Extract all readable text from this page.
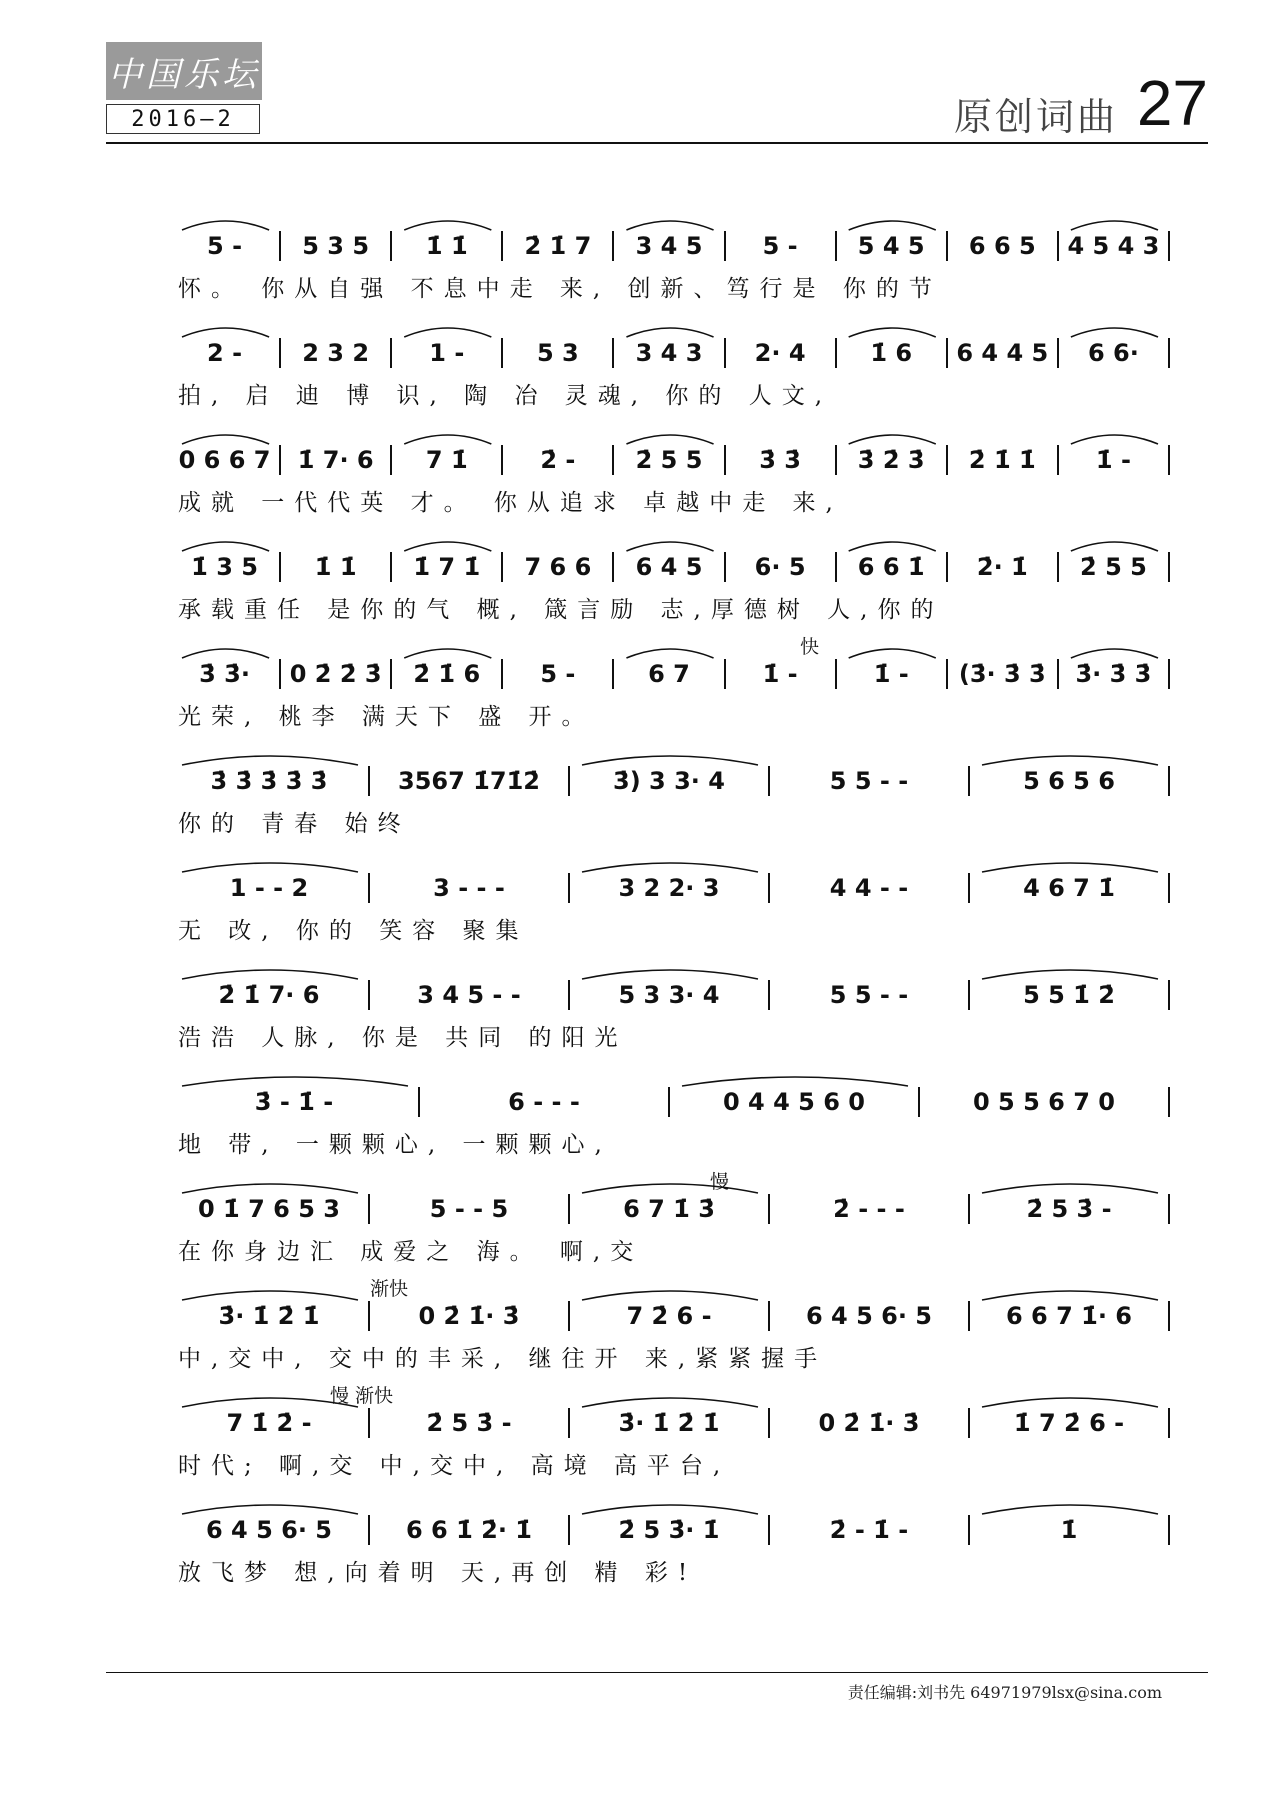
中国乐坛
2016—2	原创词曲 27
5 -	5 3 5	1̇ 1̇	2̇ 1̇ 7	3 4 5	5 -	5 4 5	6 6 5	4 5 4 3
怀。 你从自强 不息中走 来, 创新、笃行是 你的节
2 -	2 3 2	1 -	5 3	3 4 3	2· 4	1̇ 6	6 4 4 5	6 6·
拍, 启 迪 博 识, 陶 冶 灵魂, 你的 人文,
0 6 6 7	1̇ 7· 6	7 1̇	2̇ -	2̇ 5 5	3̇ 3̇	3̇ 2̇ 3̇	2̇ 1̇ 1̇	1̇ -
成就 一代代英 才。 你从追求 卓越中走 来,
1̇ 3 5	1̇ 1̇	1̇ 7 1̇	7 6 6	6 4 5	6· 5	6 6 1̇	2̇· 1̇	2̇ 5 5
承载重任 是你的气 概, 箴言励 志,厚德树 人,你的
快
3̇ 3̇·	0 2̇ 2̇ 3̇	2̇ 1̇ 6	5 -	6 7	1̇ -	1̇ -	(3̇· 3̇ 3̇	3̇· 3̇ 3̇
光荣, 桃李 满天下 盛 开。
3̇ 3̇ 3̇ 3̇ 3̇	3567 1̇71̇2̇	3̇) 3 3· 4	5 5 - -	5 6 5 6
你的 青春 始终
1 - - 2	3 - - -	3 2 2· 3	4 4 - -	4 6 7 1̇
无 改, 你的 笑容 聚集
2̇ 1̇ 7· 6	3 4 5 - -	5 3 3· 4	5 5 - -	5 5 1̇ 2̇
浩浩 人脉, 你是 共同 的阳光
3̇ - 1̇ -	6 - - -	0 4 4 5 6 0	0 5 5 6 7 0
地 带, 一颗颗心, 一颗颗心,
慢
0 1̇ 7 6 5 3	5 - - 5	6 7 1̇ 3̇	2̇ - - -	2̇ 5 3̇ -
在你身边汇 成爱之 海。 啊,交
渐快
3̇· 1̇ 2̇ 1̇	0 2̇ 1̇· 3̇	7 2̇ 6 -	6 4 5 6· 5	6 6 7 1̇· 6
中,交中, 交中的丰采, 继往开 来,紧紧握手
慢 渐快
7 1̇ 2̇ -	2̇ 5 3̇ -	3̇· 1̇ 2̇ 1̇	0 2̇ 1̇· 3̇	1̇ 7 2̇ 6 -
时代; 啊,交 中,交中, 高境 高平台,
6 4 5 6· 5	6 6 1̇ 2̇· 1̇	2̇ 5 3̇· 1̇	2̇ - 1̇ -	1̇
放飞梦 想,向着明 天,再创 精 彩!
责任编辑:刘书先 64971979lsx@sina.com
